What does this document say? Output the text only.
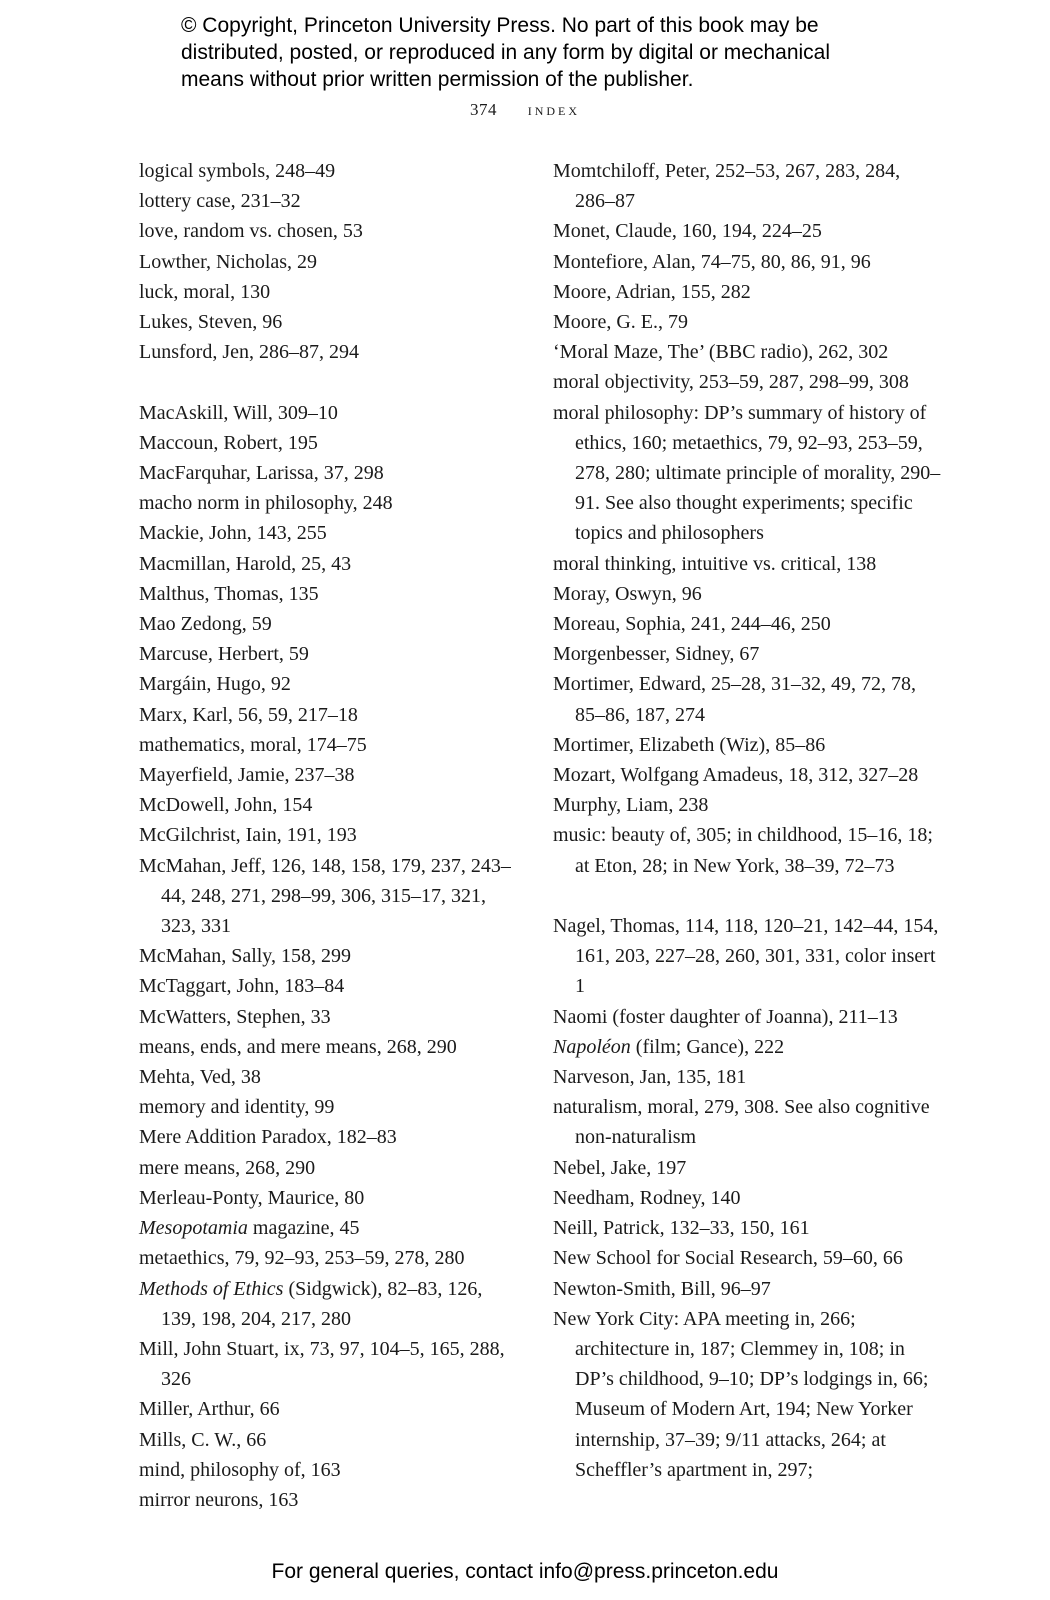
© Copyright, Princeton University Press. No part of this book may be
distributed, posted, or reproduced in any form by digital or mechanical
means without prior written permission of the publisher.
374 index

logical symbols, 248–49

lottery case, 231–32

love, random vs. chosen, 53

Lowther, Nicholas, 29

luck, moral, 130

Lukes, Steven, 96

Lunsford, Jen, 286–87, 294

MacAskill, Will, 309–10

Maccoun, Robert, 195

MacFarquhar, Larissa, 37, 298

macho norm in philosophy, 248

Mackie, John, 143, 255

Macmillan, Harold, 25, 43

Malthus, Thomas, 135

Mao Zedong, 59

Marcuse, Herbert, 59

Margáin, Hugo, 92

Marx, Karl, 56, 59, 217–18

mathematics, moral, 174–75

Mayerfield, Jamie, 237–38

McDowell, John, 154

McGilchrist, Iain, 191, 193

McMahan, Jeff, 126, 148, 158, 179, 237, 243–44, 248, 271, 298–99, 306, 315–17, 321, 323, 331

McMahan, Sally, 158, 299

McTaggart, John, 183–84

McWatters, Stephen, 33

means, ends, and mere means, 268, 290

Mehta, Ved, 38

memory and identity, 99

Mere Addition Paradox, 182–83

mere means, 268, 290

Merleau-Ponty, Maurice, 80

Mesopotamia magazine, 45

metaethics, 79, 92–93, 253–59, 278, 280

Methods of Ethics (Sidgwick), 82–83, 126, 139, 198, 204, 217, 280

Mill, John Stuart, ix, 73, 97, 104–5, 165, 288, 326

Miller, Arthur, 66

Mills, C. W., 66

mind, philosophy of, 163

mirror neurons, 163

Momtchiloff, Peter, 252–53, 267, 283, 284, 286–87

Monet, Claude, 160, 194, 224–25

Montefiore, Alan, 74–75, 80, 86, 91, 96

Moore, Adrian, 155, 282

Moore, G. E., 79

‘Moral Maze, The’ (BBC radio), 262, 302

moral objectivity, 253–59, 287, 298–99, 308

moral philosophy: DP’s summary of history of ethics, 160; metaethics, 79, 92–93, 253–59, 278, 280; ultimate principle of morality, 290–91. See also thought experiments; specific topics and philosophers

moral thinking, intuitive vs. critical, 138

Moray, Oswyn, 96

Moreau, Sophia, 241, 244–46, 250

Morgenbesser, Sidney, 67

Mortimer, Edward, 25–28, 31–32, 49, 72, 78, 85–86, 187, 274

Mortimer, Elizabeth (Wiz), 85–86

Mozart, Wolfgang Amadeus, 18, 312, 327–28

Murphy, Liam, 238

music: beauty of, 305; in childhood, 15–16, 18; at Eton, 28; in New York, 38–39, 72–73

Nagel, Thomas, 114, 118, 120–21, 142–44, 154, 161, 203, 227–28, 260, 301, 331, color insert 1

Naomi (foster daughter of Joanna), 211–13

Napoléon (film; Gance), 222

Narveson, Jan, 135, 181

naturalism, moral, 279, 308. See also cognitive non-naturalism

Nebel, Jake, 197

Needham, Rodney, 140

Neill, Patrick, 132–33, 150, 161

New School for Social Research, 59–60, 66

Newton-Smith, Bill, 96–97

New York City: APA meeting in, 266; architecture in, 187; Clemmey in, 108; in DP’s childhood, 9–10; DP’s lodgings in, 66; Museum of Modern Art, 194; New Yorker internship, 37–39; 9/11 attacks, 264; at Scheffler’s apartment in, 297;

For general queries, contact info@press.princeton.edu
